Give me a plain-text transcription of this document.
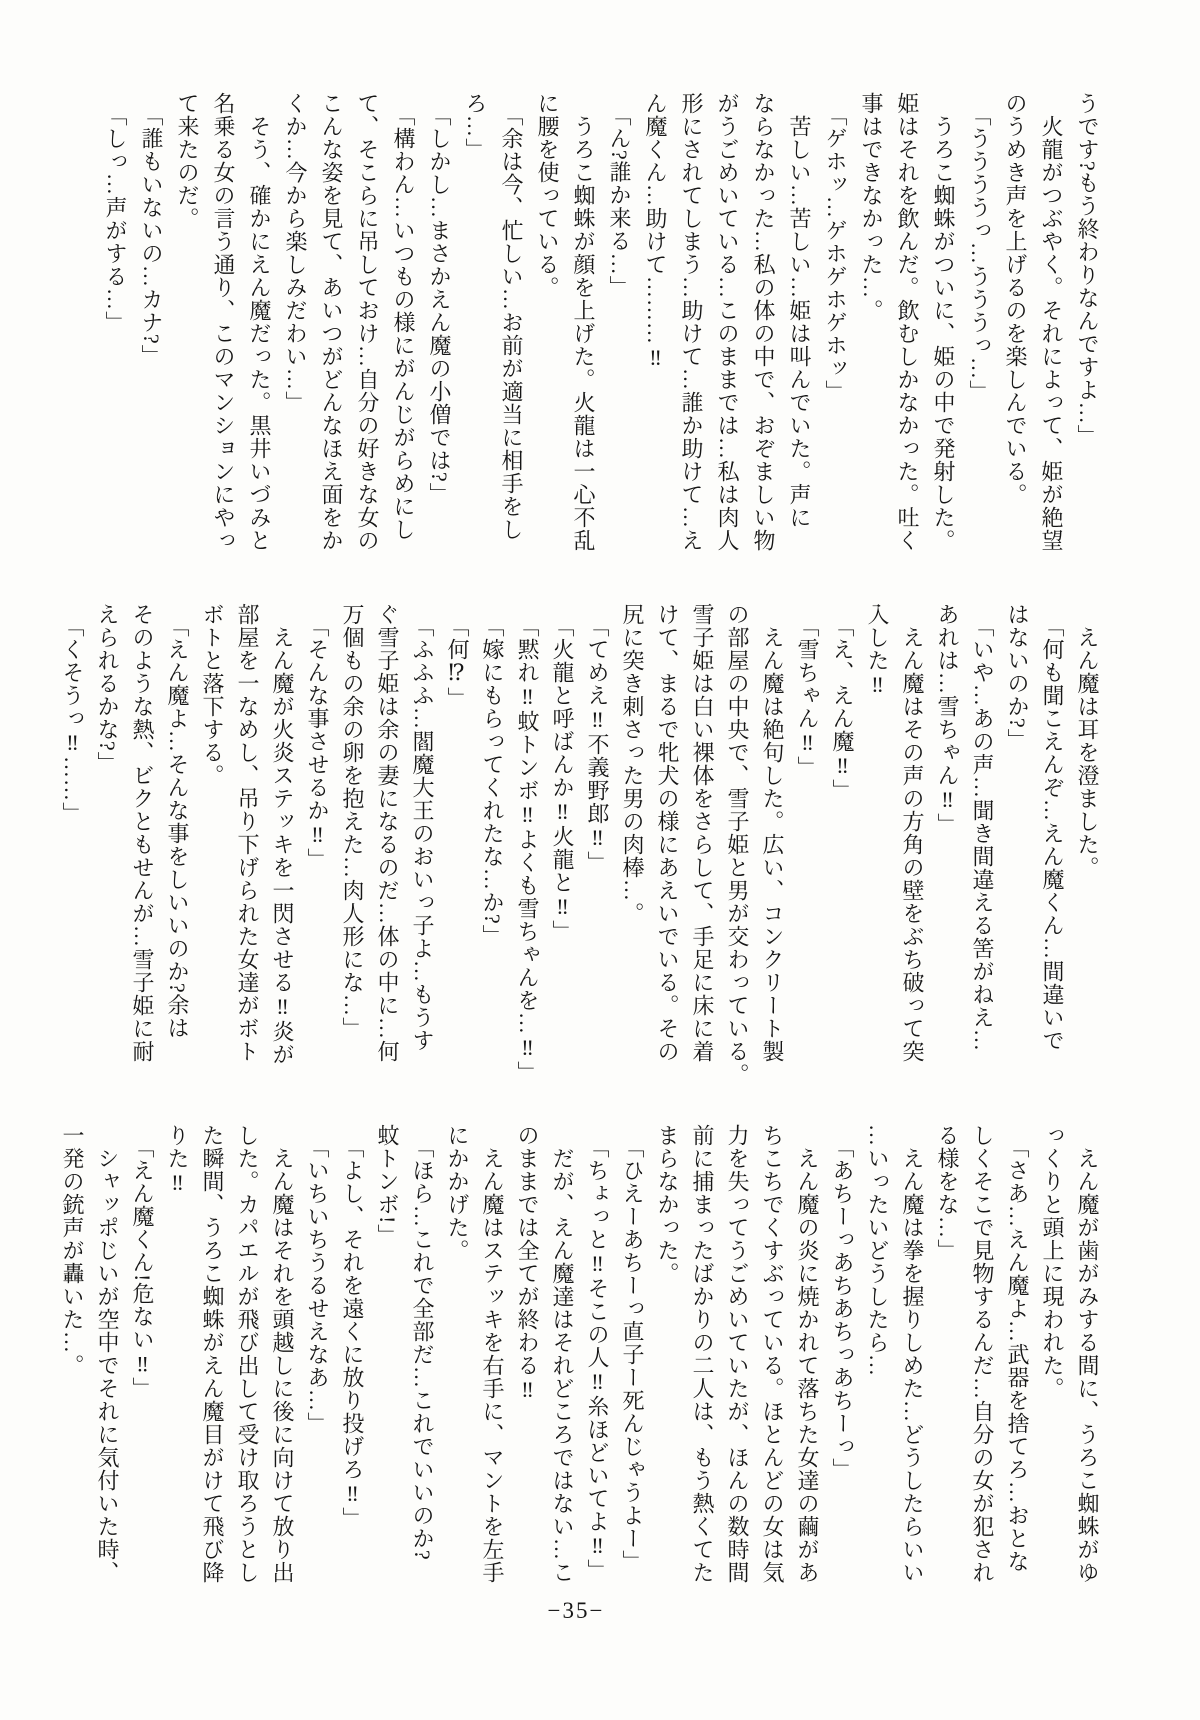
うです?もう終わりなんですよ…」

　火龍がつぶやく。それによって、姫が絶望

のうめき声を上げるのを楽しんでいる。

　「ううううっ…うううっ…」

　うろこ蜘蛛がついに、姫の中で発射した。

姫はそれを飲んだ。飲むしかなかった。吐く

事はできなかった…。

　「ゲホッ…ゲホゲホゲホッ」

　苦しい…苦しい…姫は叫んでいた。声に

ならなかった…私の体の中で、おぞましい物

がうごめいている…このままでは…私は肉人

形にされてしまう…助けて…誰か助けて…え

ん魔くん…助けて………‼

　「ん?誰か来る…」

　うろこ蜘蛛が顔を上げた。火龍は一心不乱

に腰を使っている。

　「余は今、忙しい…お前が適当に相手をし

ろ…」

　「しかし…まさかえん魔の小僧では?」

　「構わん…いつもの様にがんじがらめにし

て、そこらに吊しておけ…自分の好きな女の

こんな姿を見て、あいつがどんなほえ面をか

くか…今から楽しみだわい…」

　そう、確かにえん魔だった。黒井いづみと

名乗る女の言う通り、このマンションにやっ

て来たのだ。

　「誰もいないの…カナ?」

　「しっ…声がする…」

　えん魔は耳を澄ました。

　「何も聞こえんぞ…えん魔くん…間違いで

はないのか?」

　「いや…あの声…聞き間違える筈がねえ…

あれは…雪ちゃん‼」

　えん魔はその声の方角の壁をぶち破って突

入した‼

　「え、えん魔‼」

　「雪ちゃん‼」

　えん魔は絶句した。広い、コンクリート製

の部屋の中央で、雪子姫と男が交わっている。

雪子姫は白い裸体をさらして、手足に床に着

けて、まるで牝犬の様にあえいでいる。その

尻に突き刺さった男の肉棒…。

　「てめえ‼不義野郎‼」

　「火龍と呼ばんか‼火龍と‼」

　「黙れ‼蚊トンボ‼よくも雪ちゃんを…‼」

　「嫁にもらってくれたな…か?」

　「何⁉」

　「ふふふ…閻魔大王のおいっ子よ…もうす

ぐ雪子姫は余の妻になるのだ…体の中に…何

万個もの余の卵を抱えた…肉人形にな…」

　「そんな事させるか‼」

　えん魔が火炎ステッキを一閃させる‼炎が

部屋を一なめし、吊り下げられた女達がボト

ボトと落下する。

　「えん魔よ…そんな事をしいいのか?余は

そのような熱、ビクともせんが…雪子姫に耐

えられるかな?」

　「くそうっ‼……」

　えん魔が歯がみする間に、うろこ蜘蛛がゆ

っくりと頭上に現われた。

　「さあ…えん魔よ…武器を捨てろ…おとな

しくそこで見物するんだ…自分の女が犯され

る様をな…」

　えん魔は拳を握りしめた…どうしたらいい

…いったいどうしたら…

　「あちーっあちあちっあちーっ」

　えん魔の炎に焼かれて落ちた女達の繭があ

ちこちでくすぶっている。ほとんどの女は気

力を失ってうごめいていたが、ほんの数時間

前に捕まったばかりの二人は、もう熱くてた

まらなかった。

　「ひえーあちーっ直子ー死んじゃうよー」

　「ちょっと‼そこの人‼糸ほどいてよ‼」

　だが、えん魔達はそれどころではない…こ

のままでは全てが終わる‼

　えん魔はステッキを右手に、マントを左手

にかかげた。

　「ほら…これで全部だ…これでいいのか?

蚊トンボ!」

　「よし、それを遠くに放り投げろ‼」

　「いちいちうるせえなあ…」

　えん魔はそれを頭越しに後に向けて放り出

した。カパエルが飛び出して受け取ろうとし

た瞬間、うろこ蜘蛛がえん魔目がけて飛び降

りた‼

　「えん魔くん!危ない‼」

　シャッポじいが空中でそれに気付いた時、

一発の銃声が轟いた…。

−35−
